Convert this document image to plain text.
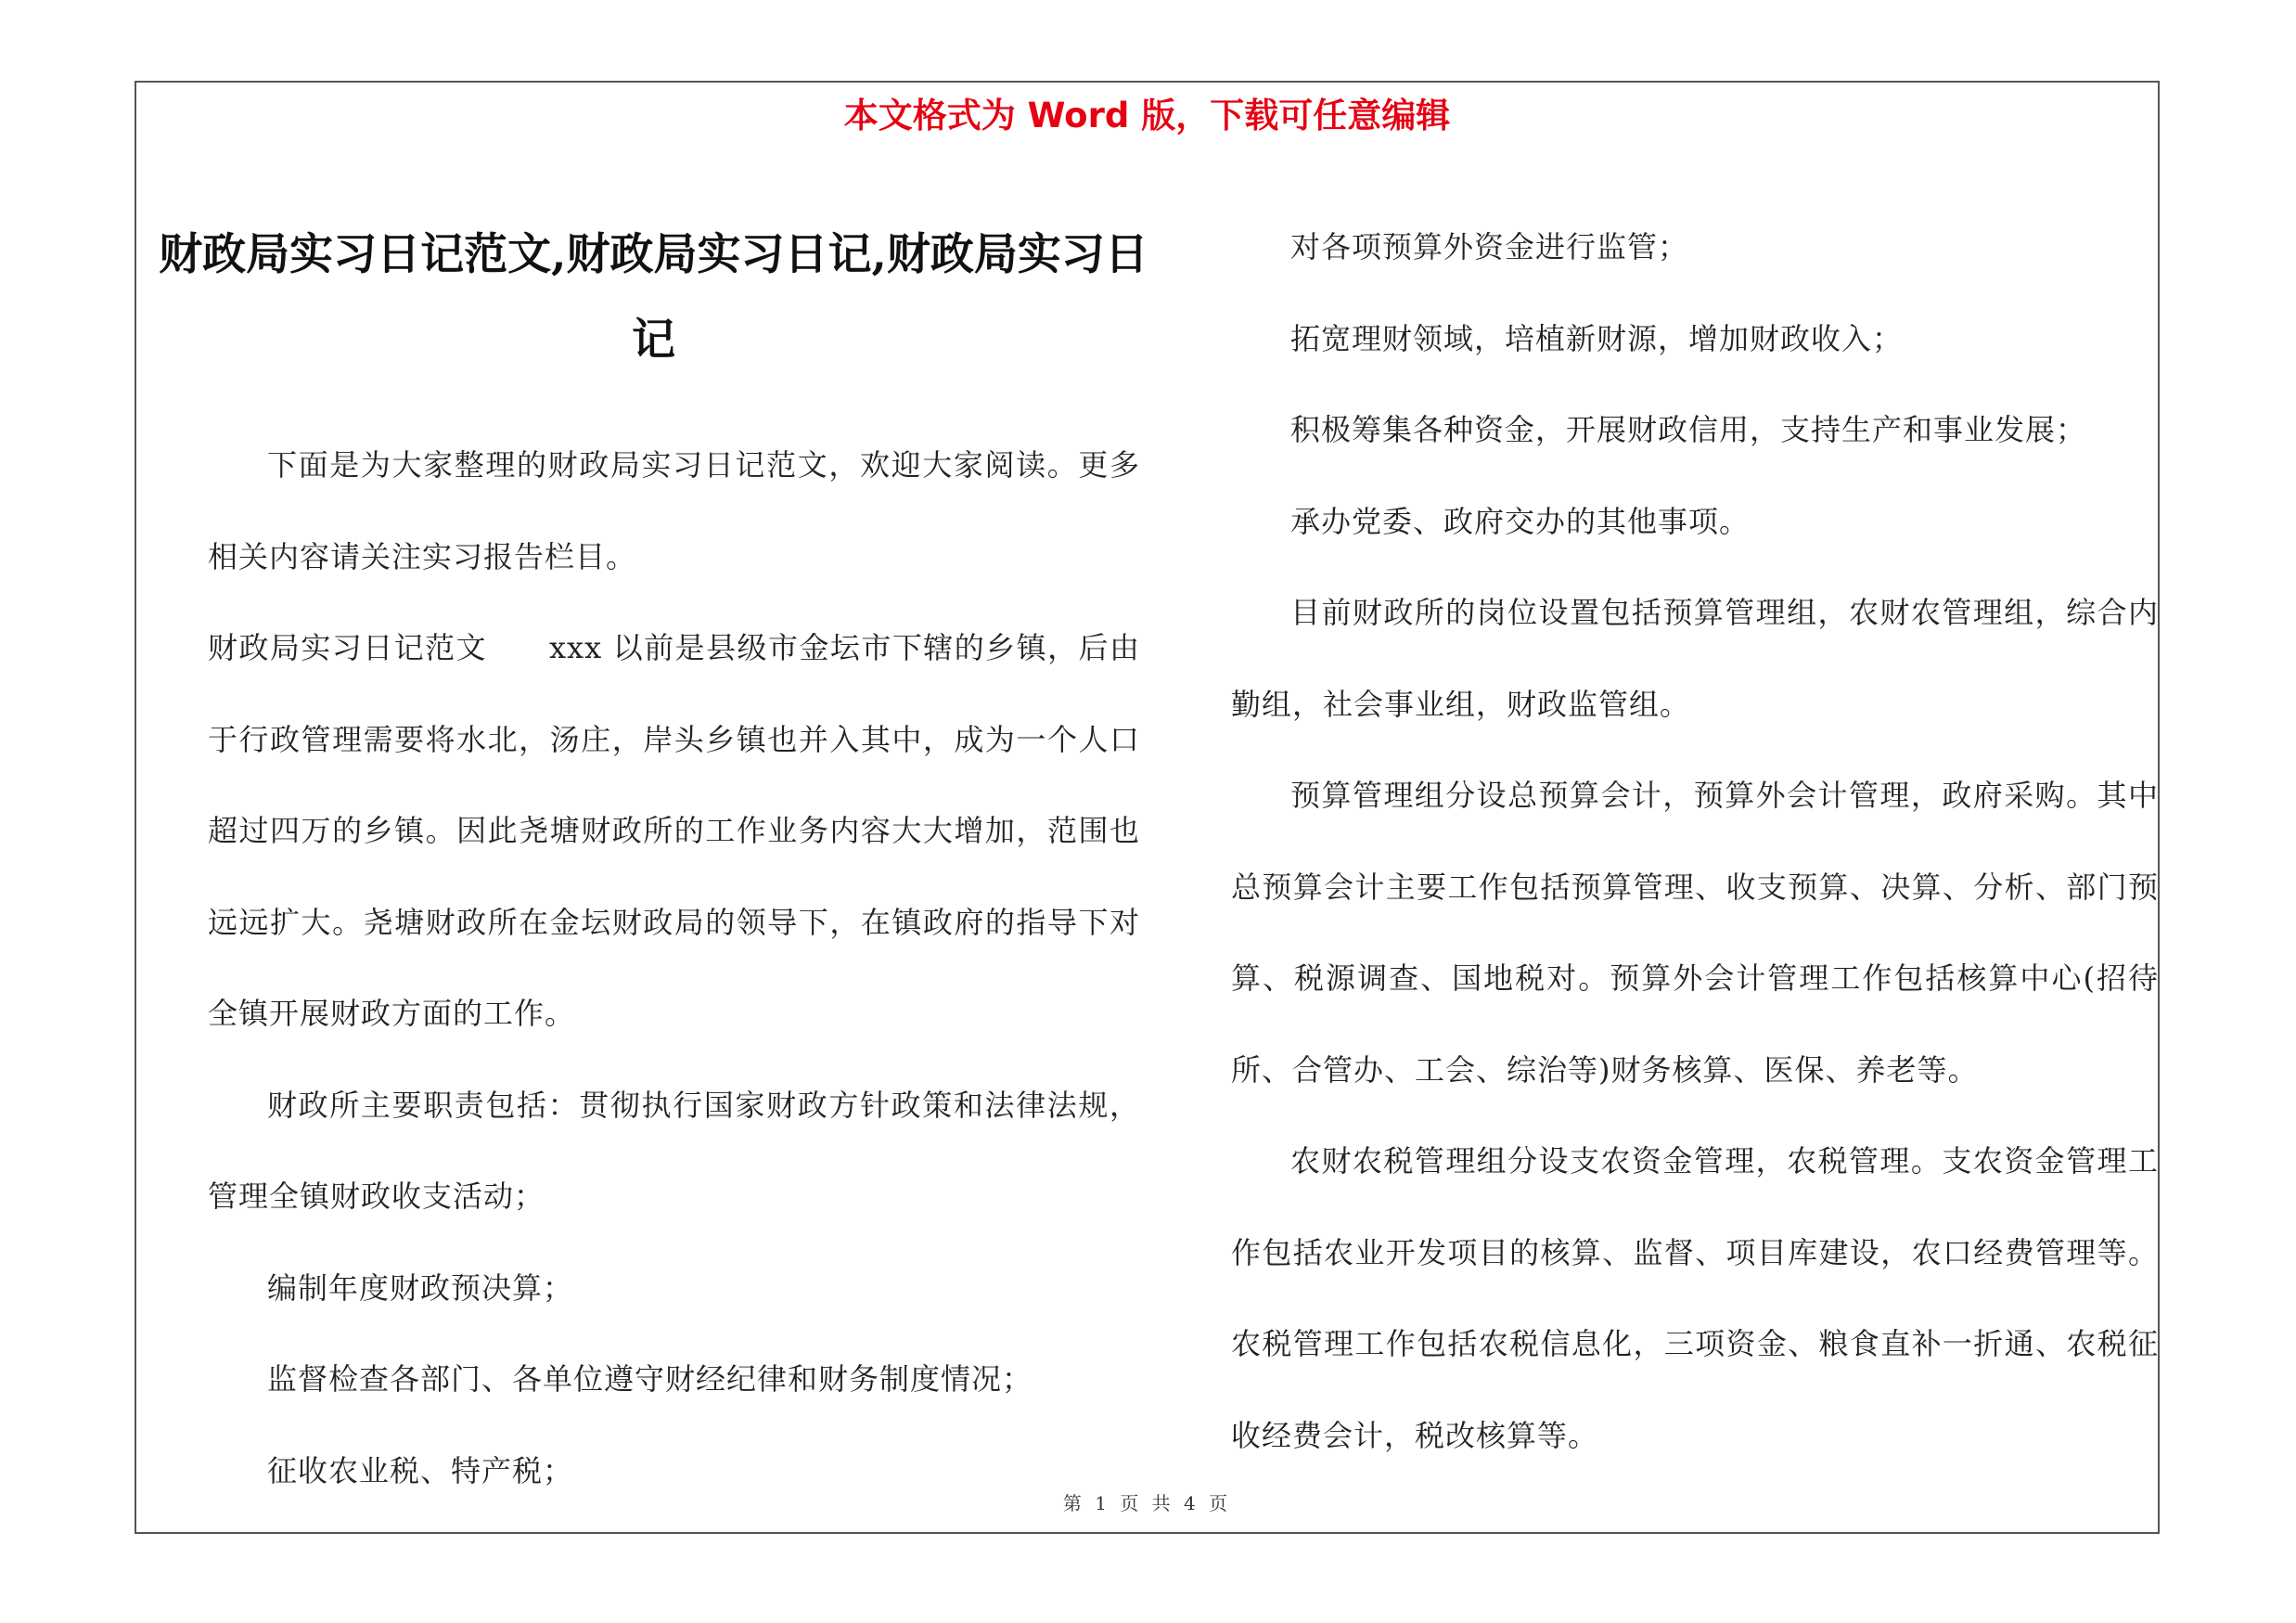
本文格式为 Word 版，下载可任意编辑
财政局实习日记范文,财政局实习日记,财政局实习日记

下面是为大家整理的财政局实习日记范文，欢迎大家阅读。更多相关内容请关注实习报告栏目。

财政局实习日记范文　　xxx 以前是县级市金坛市下辖的乡镇，后由于行政管理需要将水北，汤庄，岸头乡镇也并入其中，成为一个人口超过四万的乡镇。因此尧塘财政所的工作业务内容大大增加，范围也远远扩大。尧塘财政所在金坛财政局的领导下，在镇政府的指导下对全镇开展财政方面的工作。

财政所主要职责包括：贯彻执行国家财政方针政策和法律法规，管理全镇财政收支活动；

编制年度财政预决算；

监督检查各部门、各单位遵守财经纪律和财务制度情况；

征收农业税、特产税；

对各项预算外资金进行监管；

拓宽理财领域，培植新财源，增加财政收入；

积极筹集各种资金，开展财政信用，支持生产和事业发展；

承办党委、政府交办的其他事项。

目前财政所的岗位设置包括预算管理组，农财农管理组，综合内勤组，社会事业组，财政监管组。

预算管理组分设总预算会计，预算外会计管理，政府采购。其中总预算会计主要工作包括预算管理、收支预算、决算、分析、部门预算、税源调查、国地税对。预算外会计管理工作包括核算中心(招待所、合管办、工会、综治等)财务核算、医保、养老等。

农财农税管理组分设支农资金管理，农税管理。支农资金管理工作包括农业开发项目的核算、监督、项目库建设，农口经费管理等。农税管理工作包括农税信息化，三项资金、粮食直补一折通、农税征收经费会计，税改核算等。

第 1 页 共 4 页
